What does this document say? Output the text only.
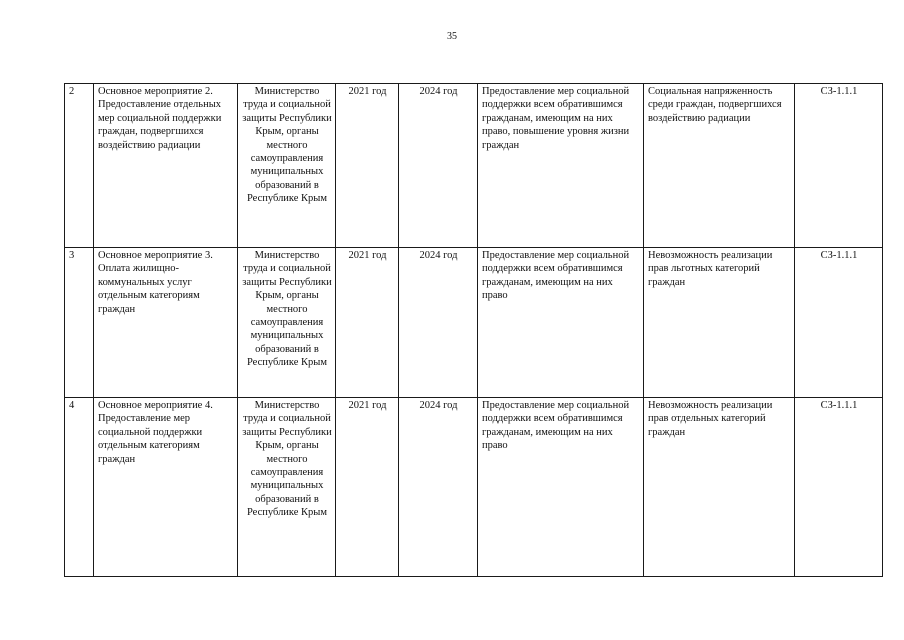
35
2	Основное мероприятие 2. Предоставление отдельных мер социальной поддержки граждан, подвергшихся воздействию радиации	Министерство труда и социальной защиты Республики Крым, органы местного самоуправления муниципальных образований в Республике Крым	2021 год	2024 год	Предоставление мер социальной поддержки всем обратившимся гражданам, имеющим на них право, повышение уровня жизни граждан	Социальная напряженность среди граждан, подвергшихся воздействию радиации	СЗ-1.1.1
3	Основное мероприятие 3. Оплата жилищно-коммунальных услуг отдельным категориям граждан	Министерство труда и социальной защиты Республики Крым, органы местного самоуправления муниципальных образований в Республике Крым	2021 год	2024 год	Предоставление мер социальной поддержки всем обратившимся гражданам, имеющим на них право	Невозможность реализации прав льготных категорий граждан	СЗ-1.1.1
4	Основное мероприятие 4. Предоставление мер социальной поддержки отдельным категориям граждан	Министерство труда и социальной защиты Республики Крым, органы местного самоуправления муниципальных образований в Республике Крым	2021 год	2024 год	Предоставление мер социальной поддержки всем обратившимся гражданам, имеющим на них право	Невозможность реализации прав отдельных категорий граждан	СЗ-1.1.1
